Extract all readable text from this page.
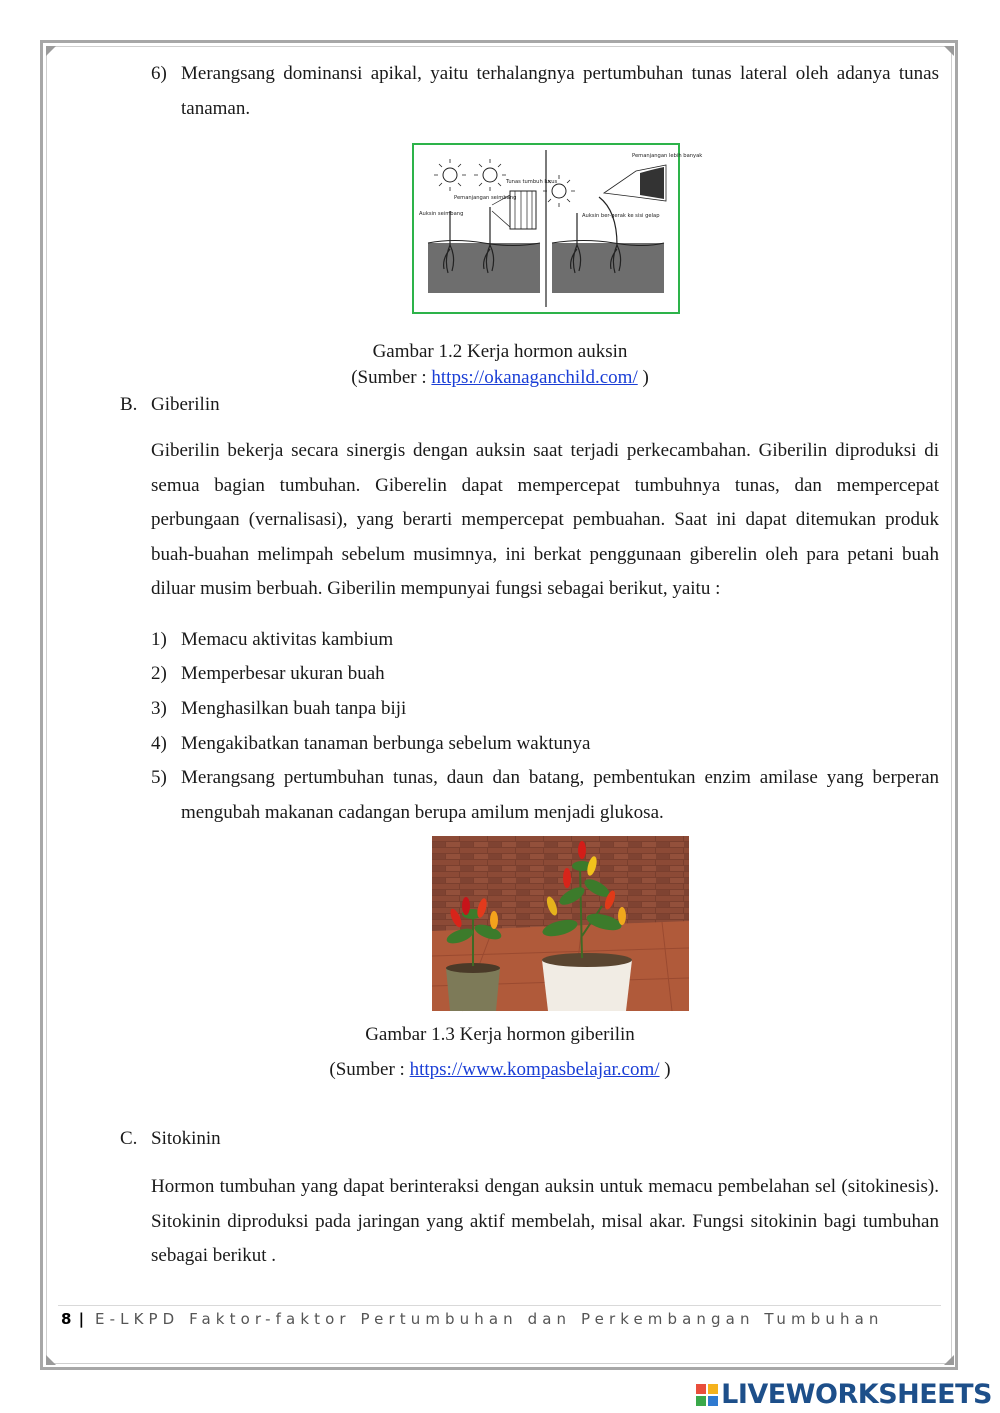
6) Merangsang dominansi apikal, yaitu terhalangnya pertumbuhan tunas lateral oleh adanya tunas tanaman.
Pemanjangan lebih banyak
Tunas tumbuh lurus
Pemanjangan seimbang
Auksin seimbang	Auksin ber-gerak ke sisi gelap
Gambar 1.2 Kerja hormon auksin
(Sumber : https://okanaganchild.com/ )
B. Giberilin

Giberilin bekerja secara sinergis dengan auksin saat terjadi perkecambahan. Giberilin diproduksi di semua bagian tumbuhan. Giberelin dapat mempercepat tumbuhnya tunas, dan mempercepat perbungaan (vernalisasi), yang berarti mempercepat pembuahan. Saat ini dapat ditemukan produk buah-buahan melimpah sebelum musimnya, ini berkat penggunaan giberelin oleh para petani buah diluar musim berbuah. Giberilin mempunyai fungsi sebagai berikut, yaitu :

1) Memacu aktivitas kambium
2) Memperbesar ukuran buah
3) Menghasilkan buah tanpa biji
4) Mengakibatkan tanaman berbunga sebelum waktunya
5) Merangsang pertumbuhan tunas, daun dan batang, pembentukan enzim amilase yang berperan mengubah makanan cadangan berupa amilum menjadi glukosa.
Gambar 1.3 Kerja hormon giberilin
(Sumber : https://www.kompasbelajar.com/ )
C. Sitokinin

Hormon tumbuhan yang dapat berinteraksi dengan auksin untuk memacu pembelahan sel (sitokinesis). Sitokinin diproduksi pada jaringan yang aktif membelah, misal akar. Fungsi sitokinin bagi tumbuhan sebagai berikut .

8 | E-LKPD Faktor-faktor Pertumbuhan dan Perkembangan Tumbuhan
LIVEWORKSHEETS
